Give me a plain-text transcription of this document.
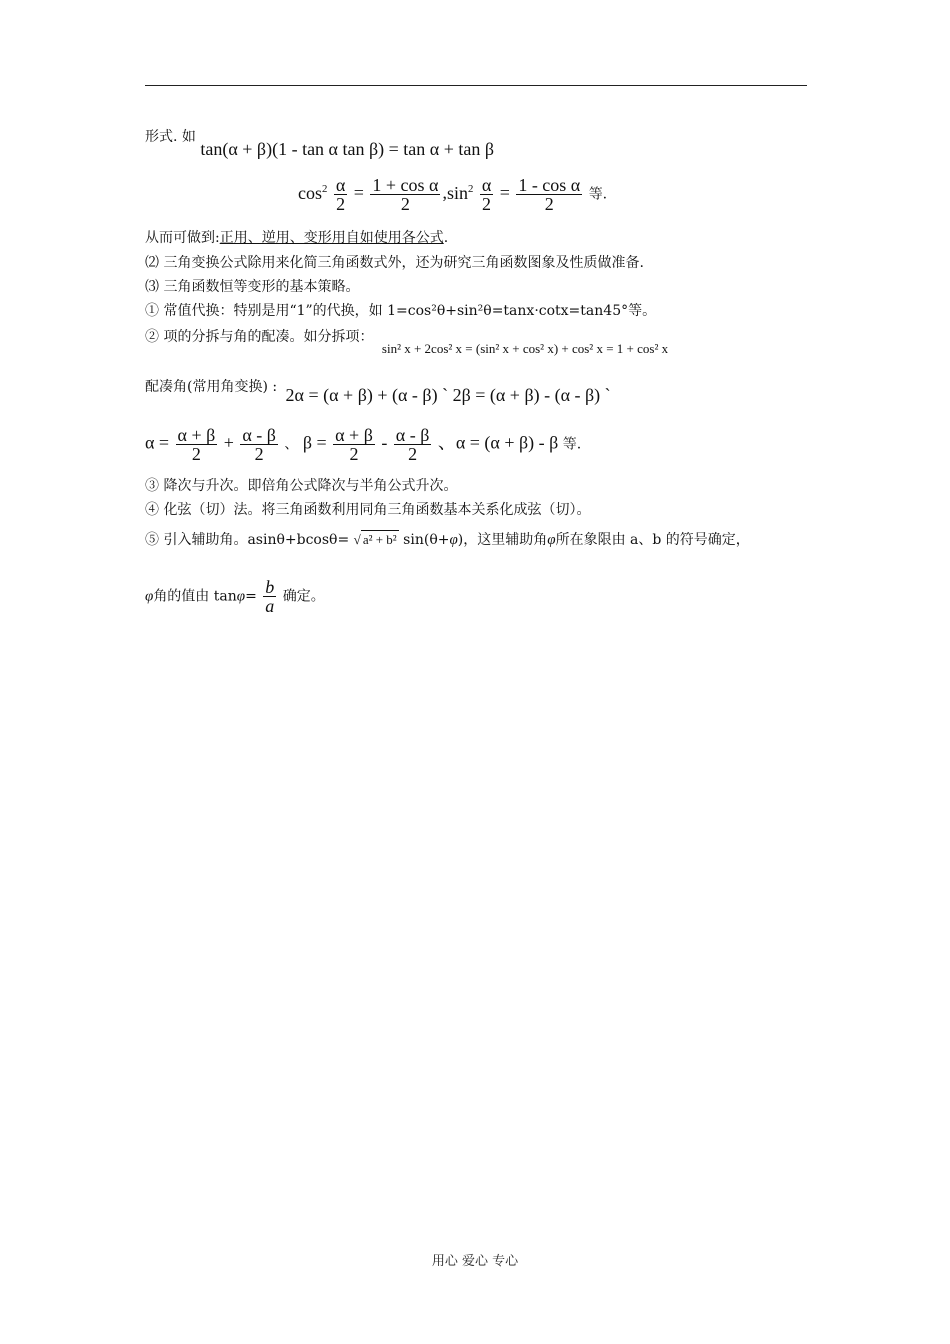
形式. 如 tan(α + β)(1 - tan α tan β) = tan α + tan β
$\cos^2 \frac{\alpha}{2} = \frac{\text{1 + cos α}}{2} ,\sin^2 \frac{\alpha}{2} = \frac{\text{1 - cos α}}{2}$ 等.
从而可做到:正用、逆用、变形用自如使用各公式.
⑵ 三角变换公式除用来化简三角函数式外，还为研究三角函数图象及性质做准备.
⑶ 三角函数恒等变形的基本策略。
① 常值代换：特别是用“1”的代换，如 1=cos²θ+sin²θ=tanx·cotx=tan45°等。
② 项的分拆与角的配凑。如分拆项： sin² x + 2cos² x = (sin² x + cos² x) + cos² x = 1 + cos² x
配凑角(常用角变换) : 2α = (α + β) + (α - β) ` 2β = (α + β) - (α - β) `
$\alpha = \frac{\alpha + \beta}{2} + \frac{\alpha - \beta}{2}$ 、 $\beta = \frac{\alpha + \beta}{2} - \frac{\alpha - \beta}{2}$ 、α = (α + β) - β 等.
③ 降次与升次。即倍角公式降次与半角公式升次。
④ 化弦（切）法。将三角函数利用同角三角函数基本关系化成弦（切）。
⑤ 引入辅助角。asinθ+bcosθ= √ a² + b² sin(θ+φ)，这里辅助角φ所在象限由 a、b 的符号确定，
φ角的值由 $\tan\varphi= \frac{b}{a}$ 确定。
用心 爱心 专心
